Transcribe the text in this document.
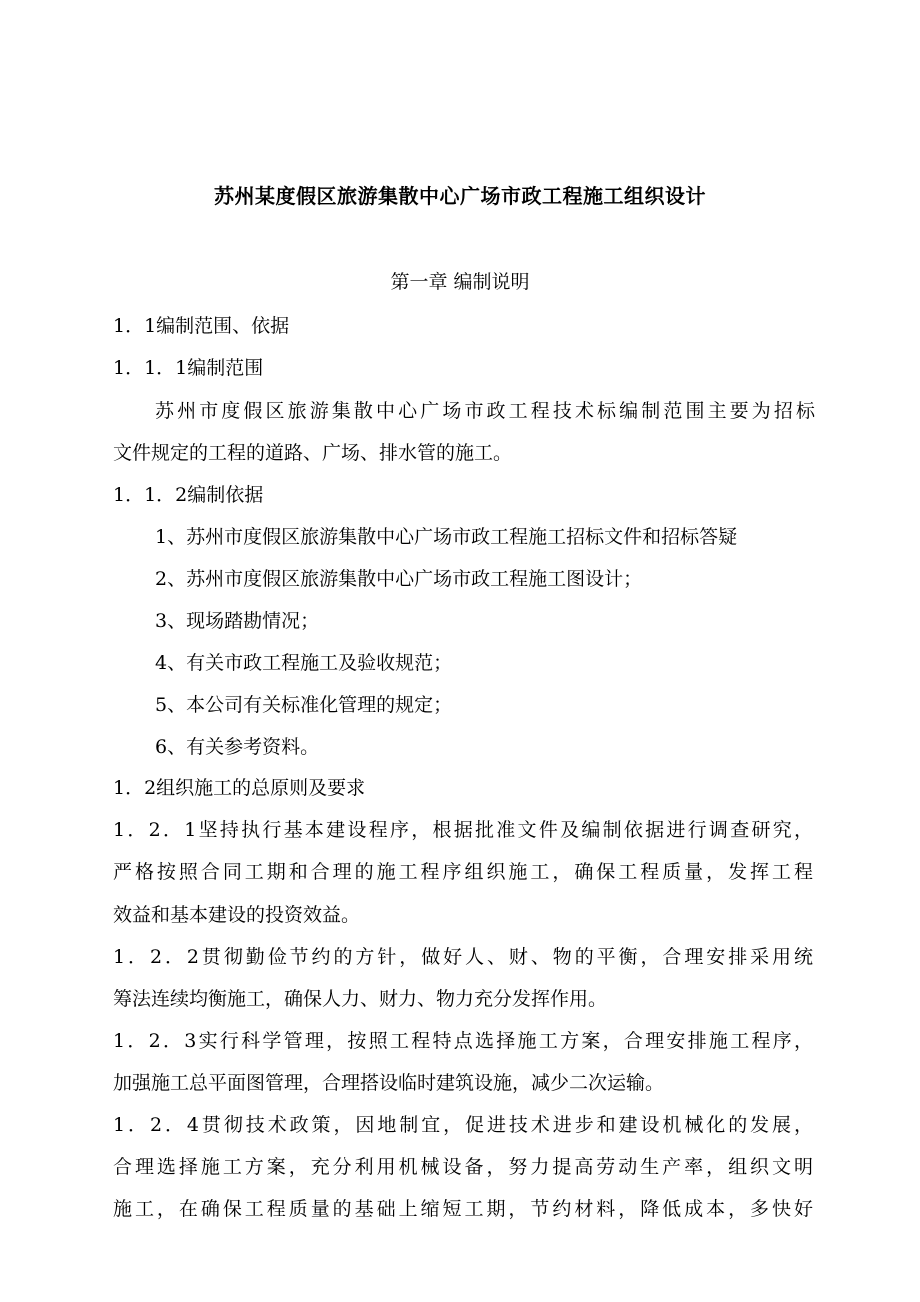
苏州某度假区旅游集散中心广场市政工程施工组织设计
第一章 编制说明
1．1编制范围、依据
1．1．1编制范围
苏州市度假区旅游集散中心广场市政工程技术标编制范围主要为招标
文件规定的工程的道路、广场、排水管的施工。
1．1．2编制依据
1、苏州市度假区旅游集散中心广场市政工程施工招标文件和招标答疑
2、苏州市度假区旅游集散中心广场市政工程施工图设计；
3、现场踏勘情况；
4、有关市政工程施工及验收规范；
5、本公司有关标准化管理的规定；
6、有关参考资料。
1．2组织施工的总原则及要求
1．2．1坚持执行基本建设程序，根据批准文件及编制依据进行调查研究，
严格按照合同工期和合理的施工程序组织施工，确保工程质量，发挥工程
效益和基本建设的投资效益。
1．2．2贯彻勤俭节约的方针，做好人、财、物的平衡，合理安排采用统
筹法连续均衡施工，确保人力、财力、物力充分发挥作用。
1．2．3实行科学管理，按照工程特点选择施工方案，合理安排施工程序，
加强施工总平面图管理，合理搭设临时建筑设施，减少二次运输。
1．2．4贯彻技术政策，因地制宜，促进技术进步和建设机械化的发展，
合理选择施工方案，充分利用机械设备，努力提高劳动生产率，组织文明
施工，在确保工程质量的基础上缩短工期，节约材料，降低成本，多快好
